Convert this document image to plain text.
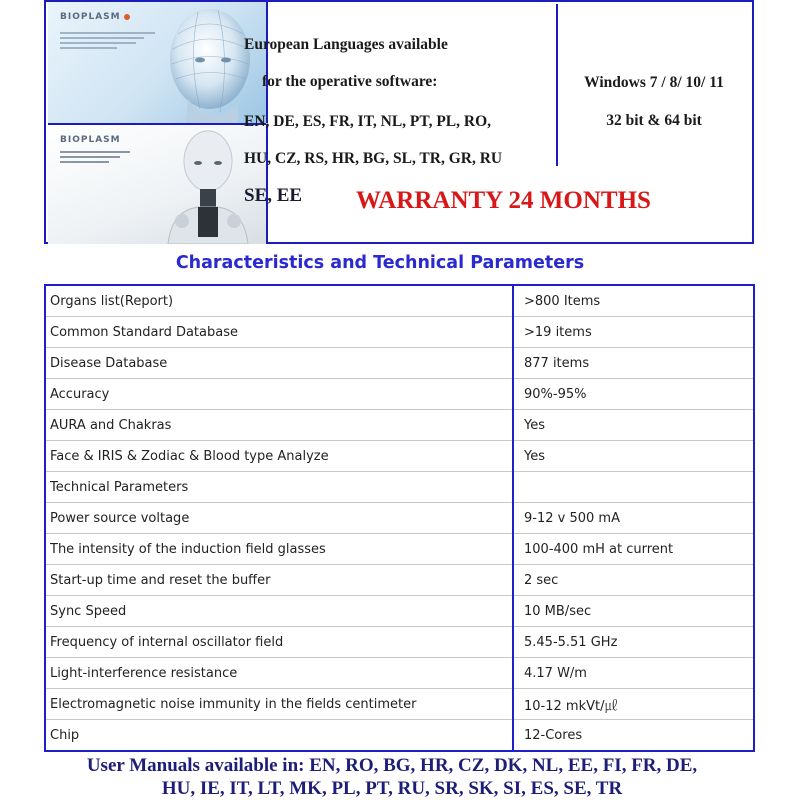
BIOPLASM
BIOPLASM
European Languages available
for the operative software:
EN, DE, ES, FR, IT, NL, PT, PL, RO,
HU, CZ, RS, HR, BG, SL, TR, GR, RU
Windows 7 / 8/ 10/ 11
32 bit & 64 bit
SE, EE WARRANTY 24 MONTHS
Characteristics and Technical Parameters
Organs list(Report)	>800 Items
Common Standard Database	>19 items
Disease Database	877 items
Accuracy	90%-95%
AURA and Chakras	Yes
Face & IRIS & Zodiac & Blood type Analyze	Yes
Technical Parameters	
Power source voltage	9-12 v 500 mA
The intensity of the induction field glasses	100-400 mH at current
Start-up time and reset the buffer	2 sec
Sync Speed	10 MB/sec
Frequency of internal oscillator field	5.45-5.51 GHz
Light-interference resistance	4.17 W/m
Electromagnetic noise immunity in the fields centimeter	10-12 mkVt/㎕
Chip	12-Cores
User Manuals available in: EN, RO, BG, HR, CZ, DK, NL, EE, FI, FR, DE,
HU, IE, IT, LT, MK, PL, PT, RU, SR, SK, SI, ES, SE, TR
